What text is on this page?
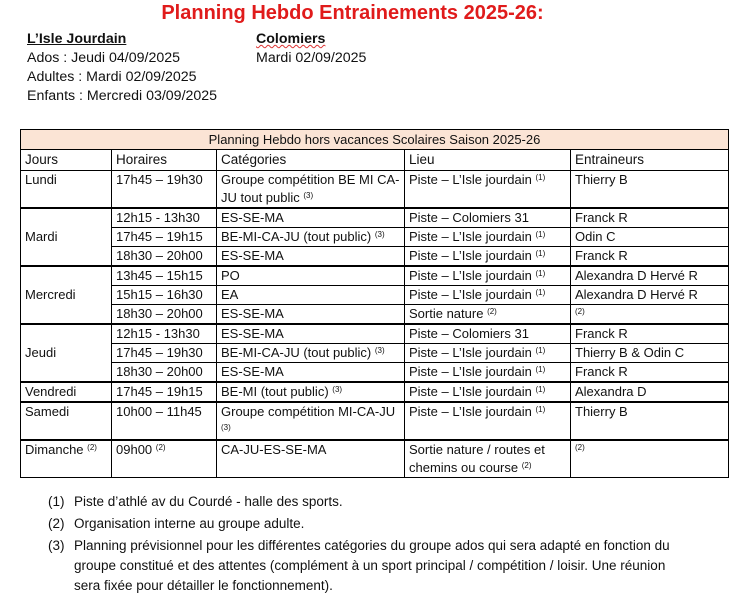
Planning Hebdo Entrainements 2025-26:
L’Isle Jourdain
Ados : Jeudi 04/09/2025
Adultes : Mardi 02/09/2025
Enfants : Mercredi 03/09/2025
Colomiers
Mardi 02/09/2025
Planning Hebdo hors vacances Scolaires Saison 2025-26				
Jours	Horaires	Catégories	Lieu	Entraineurs
Lundi	17h45 – 19h30	Groupe compétition BE MI CA-JU tout public $^{(3)}$	Piste – L’Isle jourdain $^{(1)}$	Thierry B
Mardi	12h15 - 13h30	ES-SE-MA	Piste – Colomiers 31	Franck R
	17h45 – 19h15	BE-MI-CA-JU (tout public) $^{(3)}$	Piste – L’Isle jourdain $^{(1)}$	Odin C
	18h30 – 20h00	ES-SE-MA	Piste – L’Isle jourdain $^{(1)}$	Franck R
Mercredi	13h45 – 15h15	PO	Piste – L’Isle jourdain $^{(1)}$	Alexandra D Hervé R
	15h15 – 16h30	EA	Piste – L’Isle jourdain $^{(1)}$	Alexandra D Hervé R
	18h30 – 20h00	ES-SE-MA	Sortie nature $^{(2)}$	$^{(2)}$
Jeudi	12h15 - 13h30	ES-SE-MA	Piste – Colomiers 31	Franck R
	17h45 – 19h30	BE-MI-CA-JU (tout public) $^{(3)}$	Piste – L’Isle jourdain $^{(1)}$	Thierry B & Odin C
	18h30 – 20h00	ES-SE-MA	Piste – L’Isle jourdain $^{(1)}$	Franck R
Vendredi	17h45 – 19h15	BE-MI (tout public) $^{(3)}$	Piste – L’Isle jourdain $^{(1)}$	Alexandra D
Samedi	10h00 – 11h45	Groupe compétition MI-CA-JU $^{(3)}$	Piste – L’Isle jourdain $^{(1)}$	Thierry B
Dimanche $^{(2)}$	09h00 $^{(2)}$	CA-JU-ES-SE-MA	Sortie nature / routes et chemins ou course $^{(2)}$	$^{(2)}$
(1) Piste d’athlé av du Courdé - halle des sports.
(2) Organisation interne au groupe adulte.
(3) Planning prévisionnel pour les différentes catégories du groupe ados qui sera adapté en fonction du groupe constitué et des attentes (complément à un sport principal / compétition / loisir. Une réunion sera fixée pour détailler le fonctionnement).
